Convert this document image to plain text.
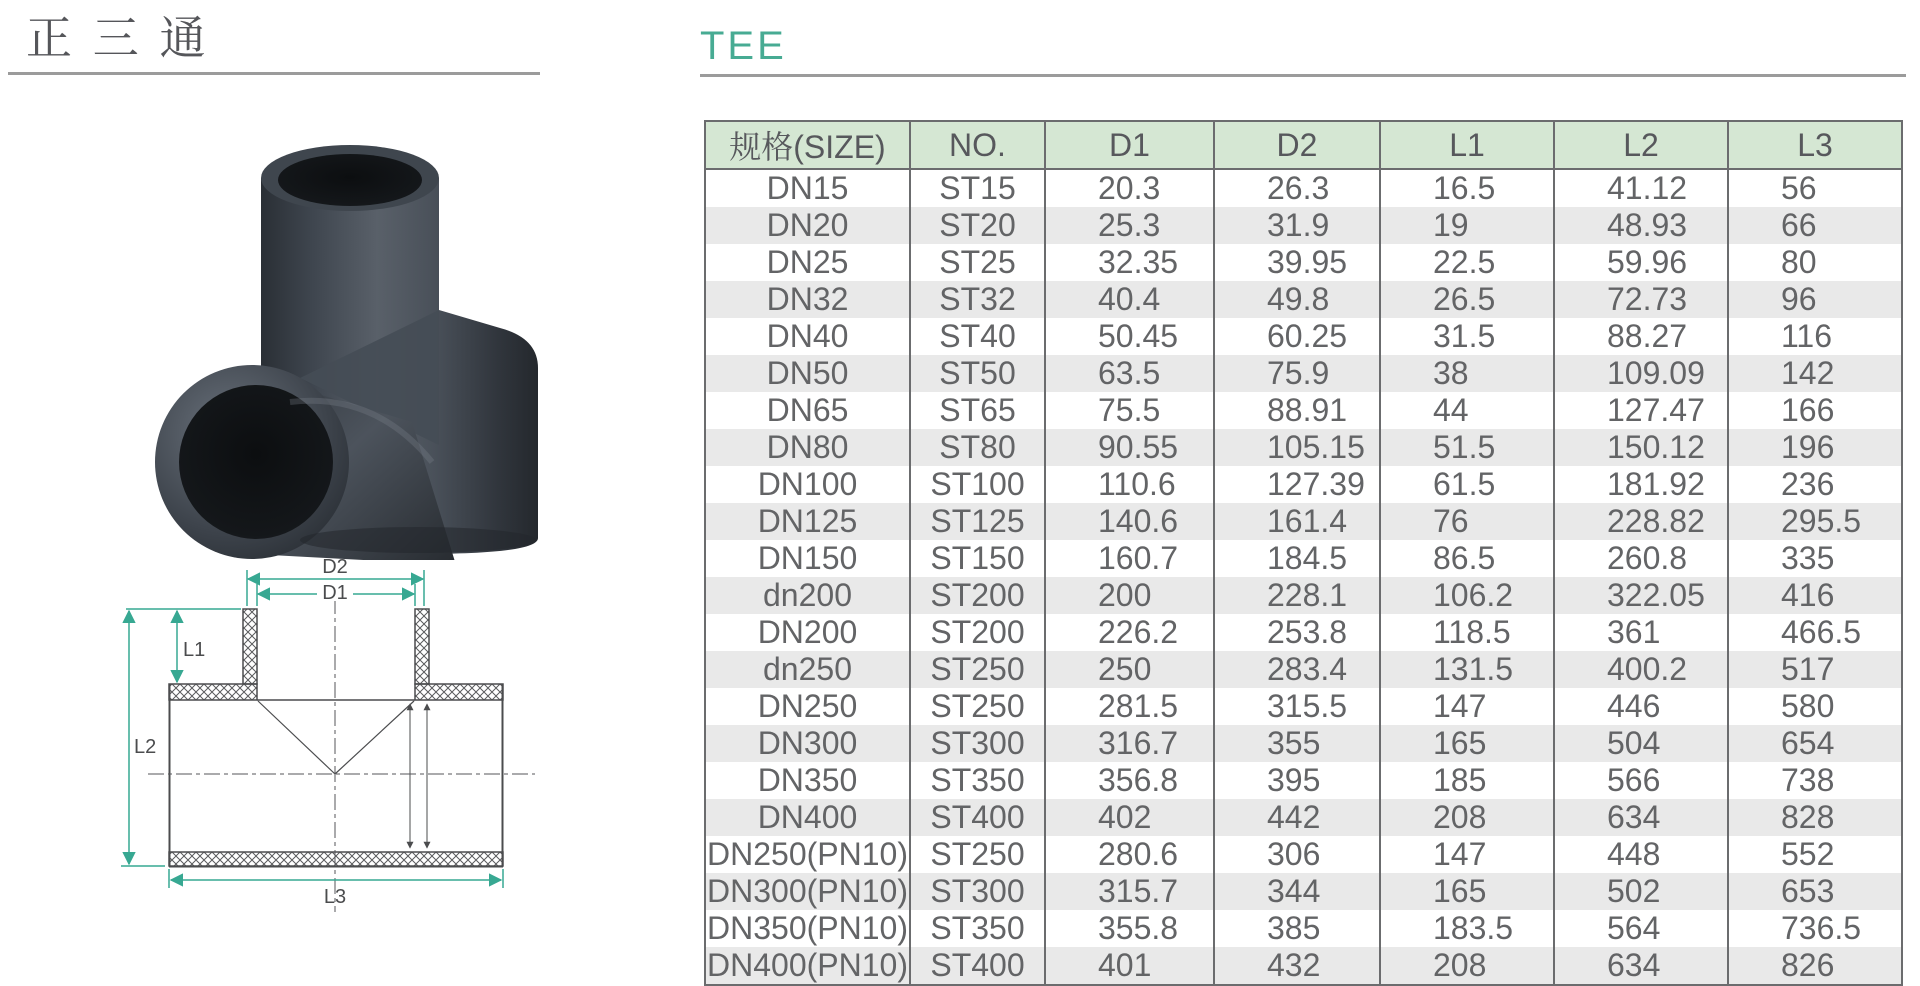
正 三 通	TEE
D2
D1
L1
L2
L3
规格(SIZE)	NO.	D1	D2	L1	L2	L3
DN15	ST15	20.3	26.3	16.5	41.12	56
DN20	ST20	25.3	31.9	19	48.93	66
DN25	ST25	32.35	39.95	22.5	59.96	80
DN32	ST32	40.4	49.8	26.5	72.73	96
DN40	ST40	50.45	60.25	31.5	88.27	116
DN50	ST50	63.5	75.9	38	109.09	142
DN65	ST65	75.5	88.91	44	127.47	166
DN80	ST80	90.55	105.15	51.5	150.12	196
DN100	ST100	110.6	127.39	61.5	181.92	236
DN125	ST125	140.6	161.4	76	228.82	295.5
DN150	ST150	160.7	184.5	86.5	260.8	335
dn200	ST200	200	228.1	106.2	322.05	416
DN200	ST200	226.2	253.8	118.5	361	466.5
dn250	ST250	250	283.4	131.5	400.2	517
DN250	ST250	281.5	315.5	147	446	580
DN300	ST300	316.7	355	165	504	654
DN350	ST350	356.8	395	185	566	738
DN400	ST400	402	442	208	634	828
DN250(PN10)	ST250	280.6	306	147	448	552
DN300(PN10)	ST300	315.7	344	165	502	653
DN350(PN10)	ST350	355.8	385	183.5	564	736.5
DN400(PN10)	ST400	401	432	208	634	826
